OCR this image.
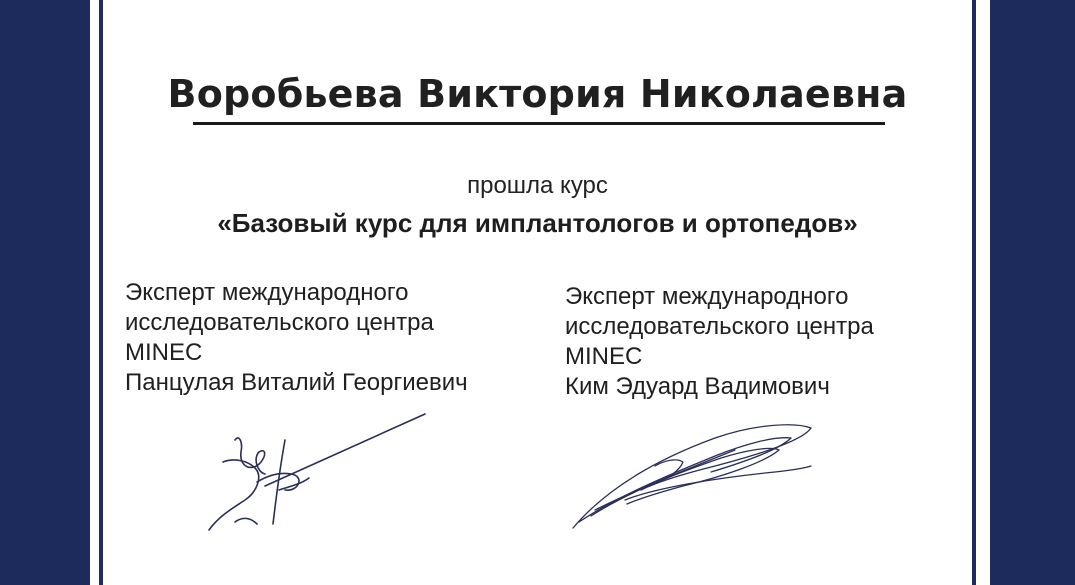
Воробьева Виктория Николаевна
прошла курс
«Базовый курс для имплантологов и ортопедов»
Эксперт международного
исследовательского центра
MINEC
Панцулая Виталий Георгиевич
Эксперт международного
исследовательского центра
MINEC
Ким Эдуард Вадимович
